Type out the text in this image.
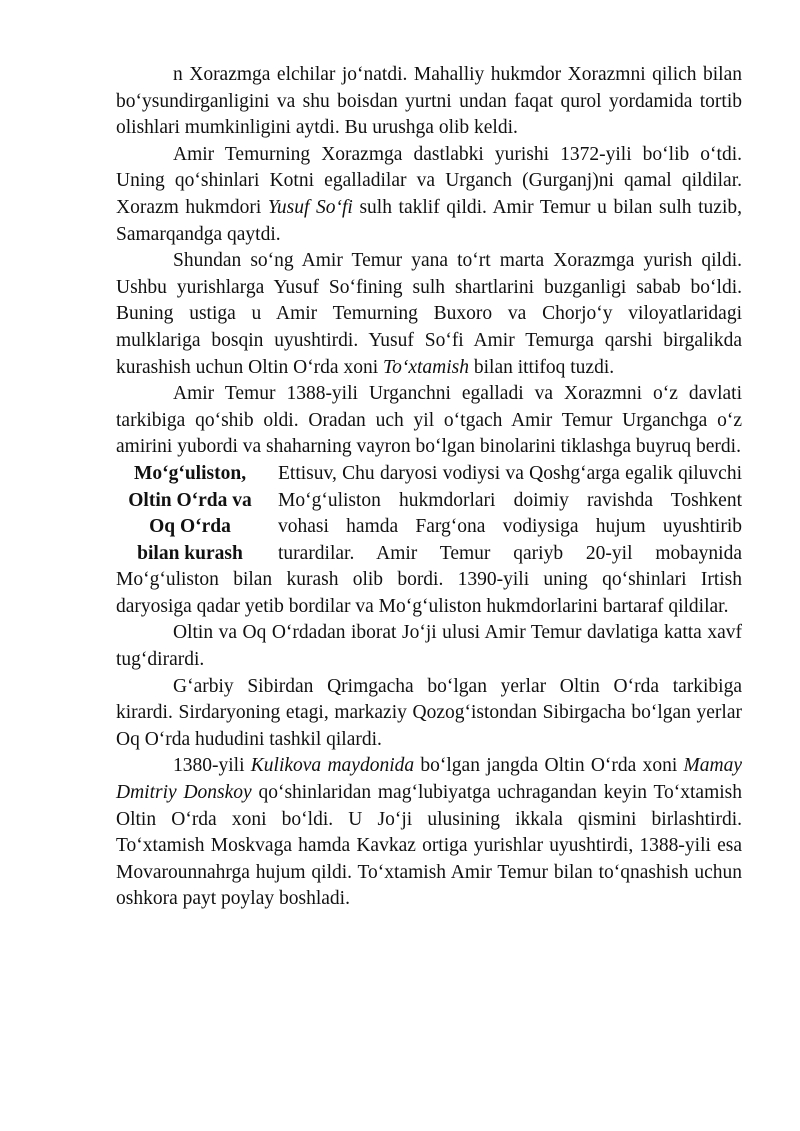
n Xorazmga elchilar jo‘natdi. Mahalliy hukmdor Xorazmni qilich bilan bo‘ysundirganligini va shu boisdan yurtni undan faqat qurol yordamida tortib olishlari mumkinligini aytdi. Bu urushga olib keldi.

Amir Temurning Xorazmga dastlabki yurishi 1372-yili bo‘lib o‘tdi. Uning qo‘shinlari Kotni egalladilar va Urganch (Gurganj)ni qamal qildilar. Xorazm hukmdori Yusuf So‘fi sulh taklif qildi. Amir Temur u bilan sulh tuzib, Samarqandga qaytdi.

Shundan so‘ng Amir Temur yana to‘rt marta Xorazmga yurish qildi. Ushbu yurishlarga Yusuf So‘fining sulh shartlarini buzganligi sabab bo‘ldi. Buning ustiga u Amir Temurning Buxoro va Chorjo‘y viloyatlaridagi mulklariga bosqin uyushtirdi. Yusuf So‘fi Amir Temurga qarshi birgalikda kurashish uchun Oltin O‘rda xoni To‘xtamish bilan ittifoq tuzdi.

Amir Temur 1388-yili Urganchni egalladi va Xorazmni o‘z davlati tarkibiga qo‘shib oldi. Oradan uch yil o‘tgach Amir Temur Urganchga o‘z amirini yubordi va shaharning vayron bo‘lgan binolarini tiklashga buyruq berdi.

Mo‘g‘uliston,
Oltin O‘rda va
Oq O‘rda
bilan kurash

Ettisuv, Chu daryosi vodiysi va Qoshg‘arga egalik qiluvchi Mo‘g‘uliston hukmdorlari doimiy ravishda Toshkent vohasi hamda Farg‘ona vodiysiga hujum uyushtirib turardilar. Amir Temur qariyb 20-yil mobaynida Mo‘g‘uliston bilan kurash olib bordi. 1390-yili uning qo‘shinlari Irtish daryosiga qadar yetib bordilar va Mo‘g‘uliston hukmdorlarini bartaraf qildilar.

Oltin va Oq O‘rdadan iborat Jo‘ji ulusi Amir Temur davlatiga katta xavf tug‘dirardi.

G‘arbiy Sibirdan Qrimgacha bo‘lgan yerlar Oltin O‘rda tarkibiga kirardi. Sirdaryoning etagi, markaziy Qozog‘istondan Sibirgacha bo‘lgan yerlar Oq O‘rda hududini tashkil qilardi.

1380-yili Kulikova maydonida bo‘lgan jangda Oltin O‘rda xoni Mamay Dmitriy Donskoy qo‘shinlaridan mag‘lubiyatga uchragandan keyin To‘xtamish Oltin O‘rda xoni bo‘ldi. U Jo‘ji ulusining ikkala qismini birlashtirdi. To‘xtamish Moskvaga hamda Kavkaz ortiga yurishlar uyushtirdi, 1388-yili esa Movarounnahrga hujum qildi. To‘xtamish Amir Temur bilan to‘qnashish uchun oshkora payt poylay boshladi.
